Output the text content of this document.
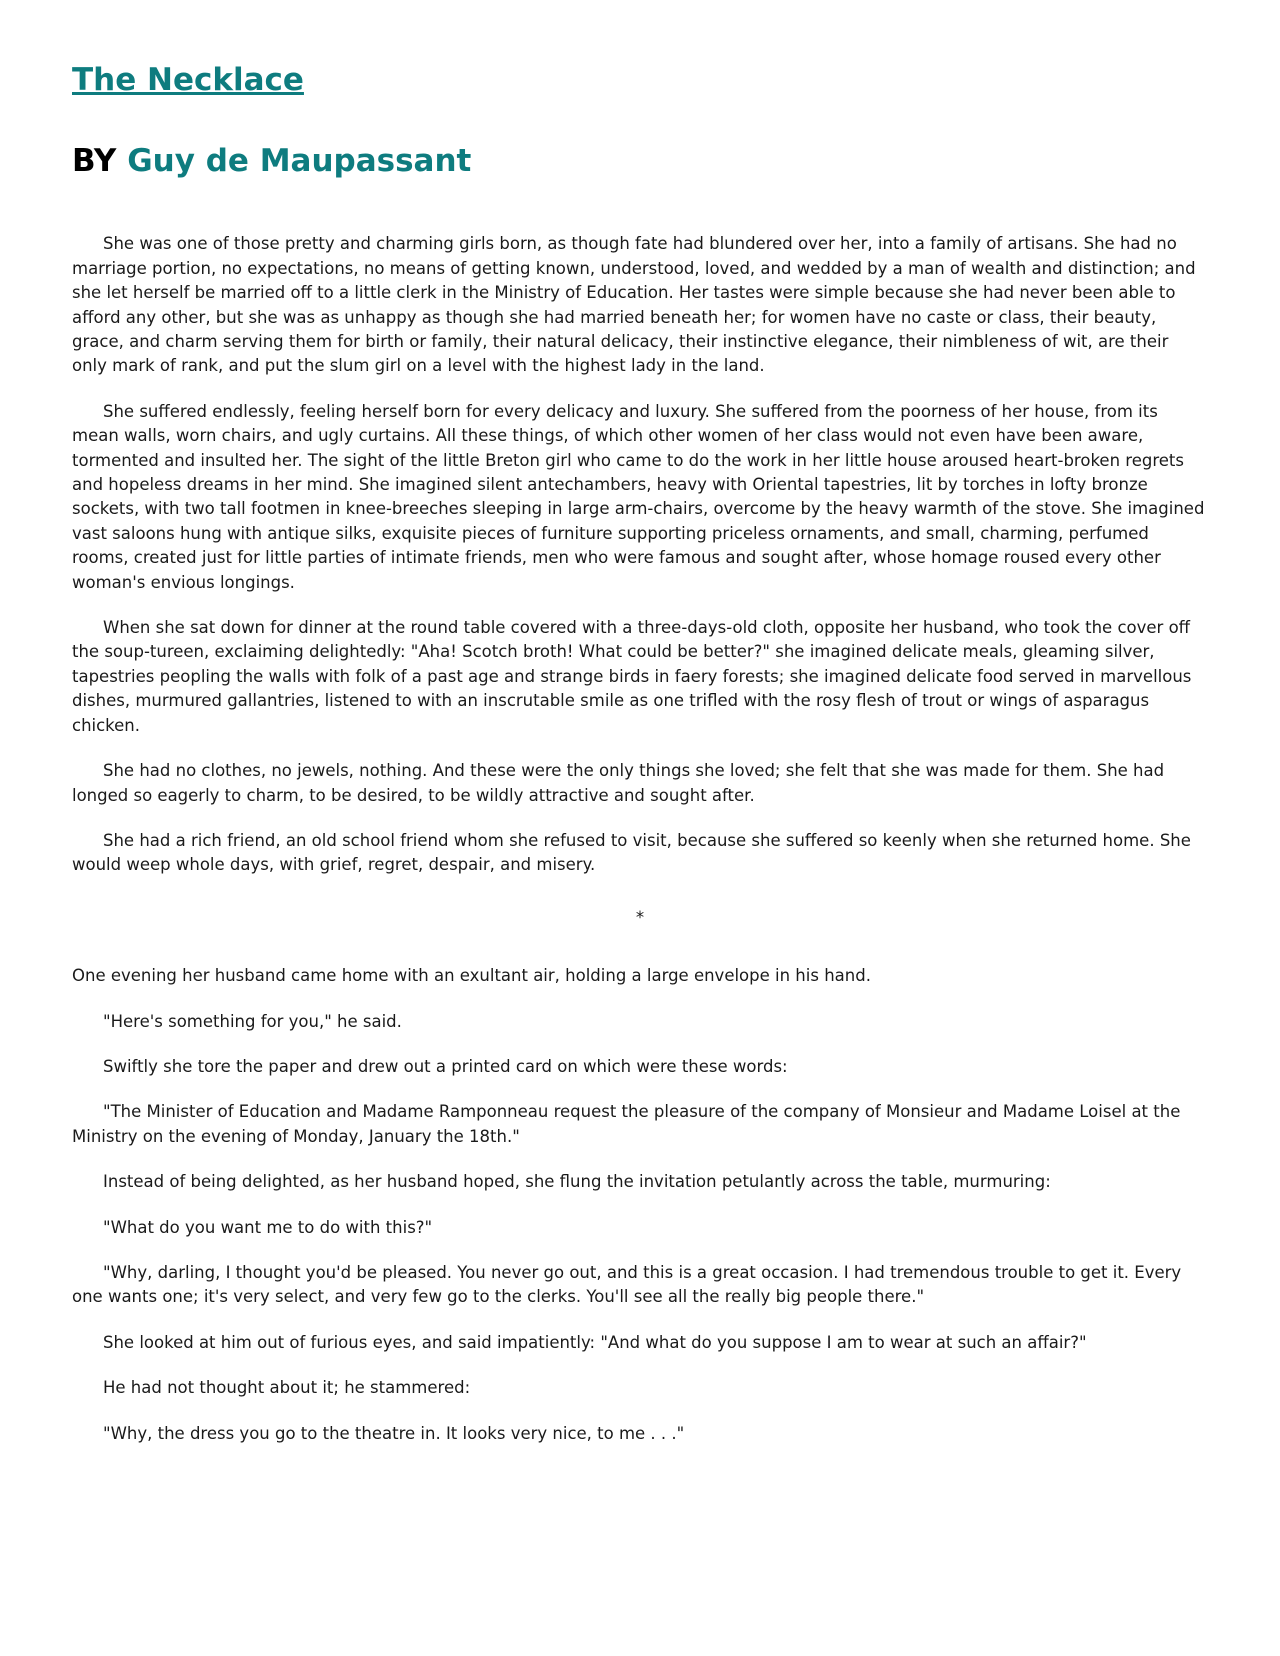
The Necklace
BY Guy de Maupassant

She was one of those pretty and charming girls born, as though fate had blundered over her, into a family of artisans. She had no marriage portion, no expectations, no means of getting known, understood, loved, and wedded by a man of wealth and distinction; and she let herself be married off to a little clerk in the Ministry of Education. Her tastes were simple because she had never been able to afford any other, but she was as unhappy as though she had married beneath her; for women have no caste or class, their beauty, grace, and charm serving them for birth or family, their natural delicacy, their instinctive elegance, their nimbleness of wit, are their only mark of rank, and put the slum girl on a level with the highest lady in the land.

She suffered endlessly, feeling herself born for every delicacy and luxury. She suffered from the poorness of her house, from its mean walls, worn chairs, and ugly curtains. All these things, of which other women of her class would not even have been aware, tormented and insulted her. The sight of the little Breton girl who came to do the work in her little house aroused heart-broken regrets and hopeless dreams in her mind. She imagined silent antechambers, heavy with Oriental tapestries, lit by torches in lofty bronze sockets, with two tall footmen in knee-breeches sleeping in large arm-chairs, overcome by the heavy warmth of the stove. She imagined vast saloons hung with antique silks, exquisite pieces of furniture supporting priceless ornaments, and small, charming, perfumed rooms, created just for little parties of intimate friends, men who were famous and sought after, whose homage roused every other woman's envious longings.

When she sat down for dinner at the round table covered with a three-days-old cloth, opposite her husband, who took the cover off the soup-tureen, exclaiming delightedly: "Aha! Scotch broth! What could be better?" she imagined delicate meals, gleaming silver, tapestries peopling the walls with folk of a past age and strange birds in faery forests; she imagined delicate food served in marvellous dishes, murmured gallantries, listened to with an inscrutable smile as one trifled with the rosy flesh of trout or wings of asparagus chicken.

She had no clothes, no jewels, nothing. And these were the only things she loved; she felt that she was made for them. She had longed so eagerly to charm, to be desired, to be wildly attractive and sought after.

She had a rich friend, an old school friend whom she refused to visit, because she suffered so keenly when she returned home. She would weep whole days, with grief, regret, despair, and misery.

*

One evening her husband came home with an exultant air, holding a large envelope in his hand.

"Here's something for you," he said.

Swiftly she tore the paper and drew out a printed card on which were these words:

"The Minister of Education and Madame Ramponneau request the pleasure of the company of Monsieur and Madame Loisel at the Ministry on the evening of Monday, January the 18th."

Instead of being delighted, as her husband hoped, she flung the invitation petulantly across the table, murmuring:

"What do you want me to do with this?"

"Why, darling, I thought you'd be pleased. You never go out, and this is a great occasion. I had tremendous trouble to get it. Every one wants one; it's very select, and very few go to the clerks. You'll see all the really big people there."

She looked at him out of furious eyes, and said impatiently: "And what do you suppose I am to wear at such an affair?"

He had not thought about it; he stammered:

"Why, the dress you go to the theatre in. It looks very nice, to me . . ."
